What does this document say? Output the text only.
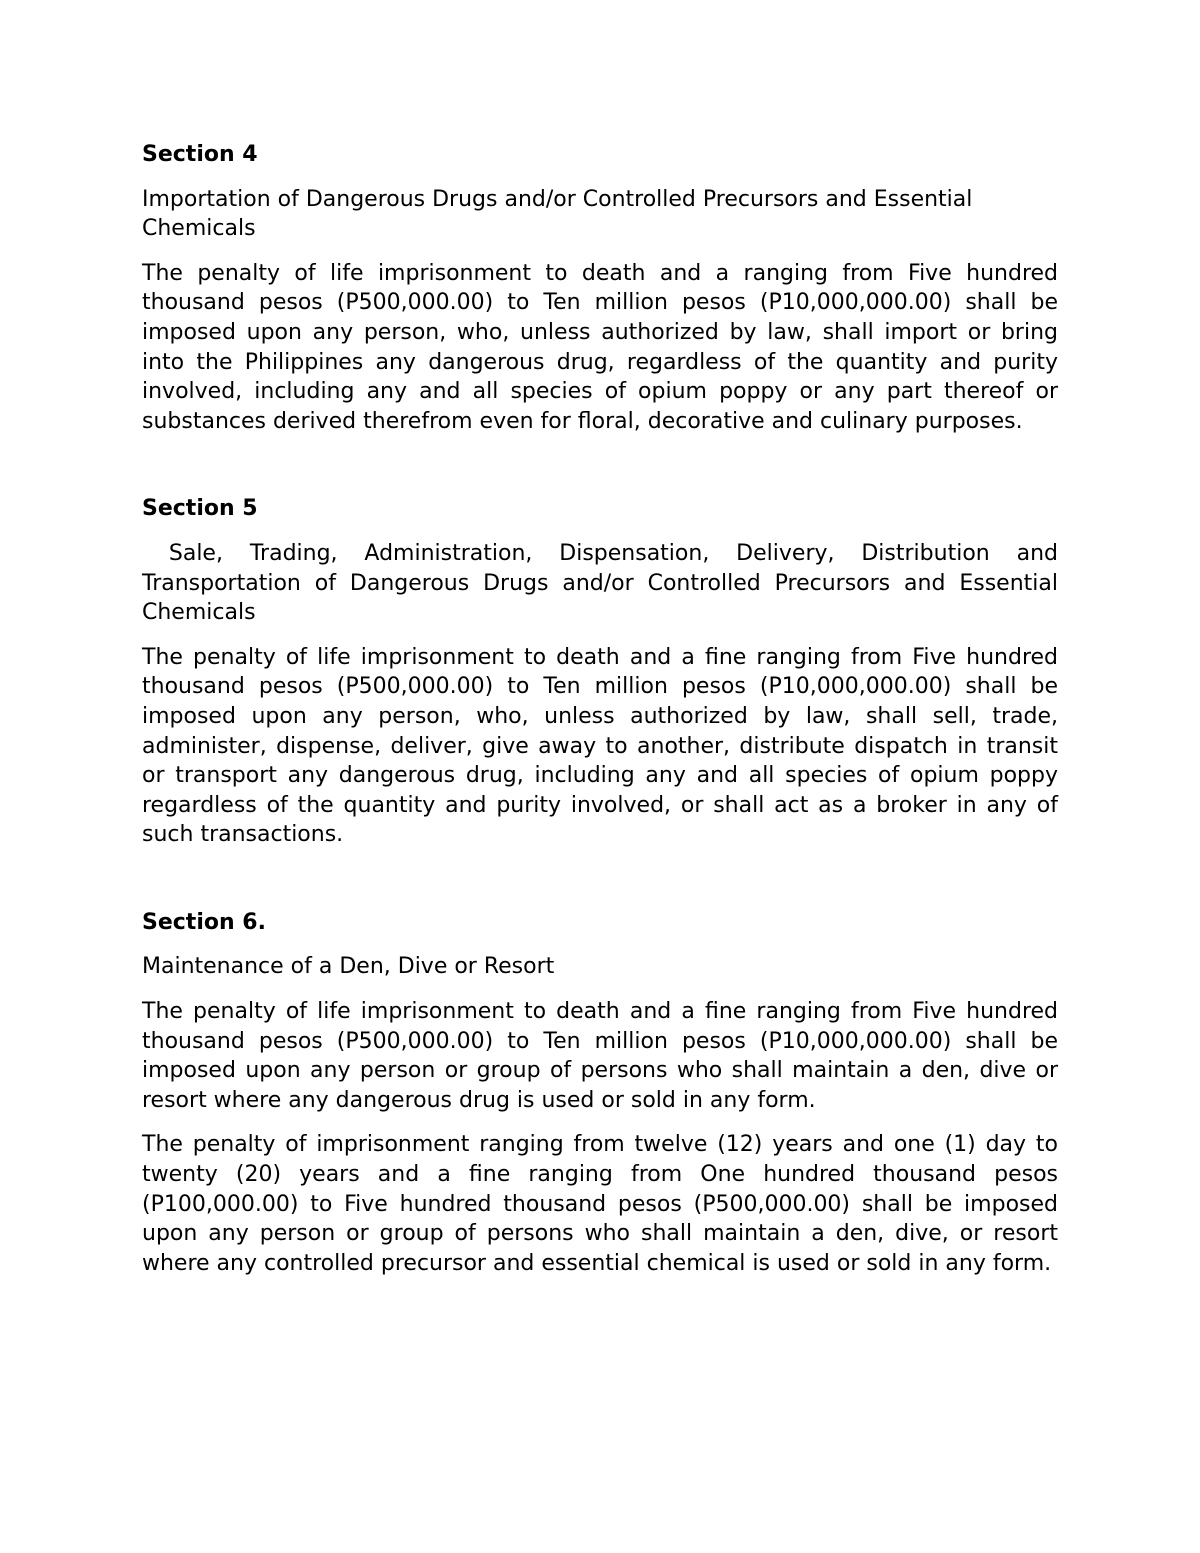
Section 4

Importation of Dangerous Drugs and/or Controlled Precursors and Essential Chemicals

The penalty of life imprisonment to death and a ranging from Five hundred thousand pesos (P500,000.00) to Ten million pesos (P10,000,000.00) shall be imposed upon any person, who, unless authorized by law, shall import or bring into the Philippines any dangerous drug, regardless of the quantity and purity involved, including any and all species of opium poppy or any part thereof or substances derived therefrom even for floral, decorative and culinary purposes.

Section 5

Sale, Trading, Administration, Dispensation, Delivery, Distribution and Transportation of Dangerous Drugs and/or Controlled Precursors and Essential Chemicals

The penalty of life imprisonment to death and a fine ranging from Five hundred thousand pesos (P500,000.00) to Ten million pesos (P10,000,000.00) shall be imposed upon any person, who, unless authorized by law, shall sell, trade, administer, dispense, deliver, give away to another, distribute dispatch in transit or transport any dangerous drug, including any and all species of opium poppy regardless of the quantity and purity involved, or shall act as a broker in any of such transactions.

Section 6.

Maintenance of a Den, Dive or Resort

The penalty of life imprisonment to death and a fine ranging from Five hundred thousand pesos (P500,000.00) to Ten million pesos (P10,000,000.00) shall be imposed upon any person or group of persons who shall maintain a den, dive or resort where any dangerous drug is used or sold in any form.

The penalty of imprisonment ranging from twelve (12) years and one (1) day to twenty (20) years and a fine ranging from One hundred thousand pesos (P100,000.00) to Five hundred thousand pesos (P500,000.00) shall be imposed upon any person or group of persons who shall maintain a den, dive, or resort where any controlled precursor and essential chemical is used or sold in any form.
